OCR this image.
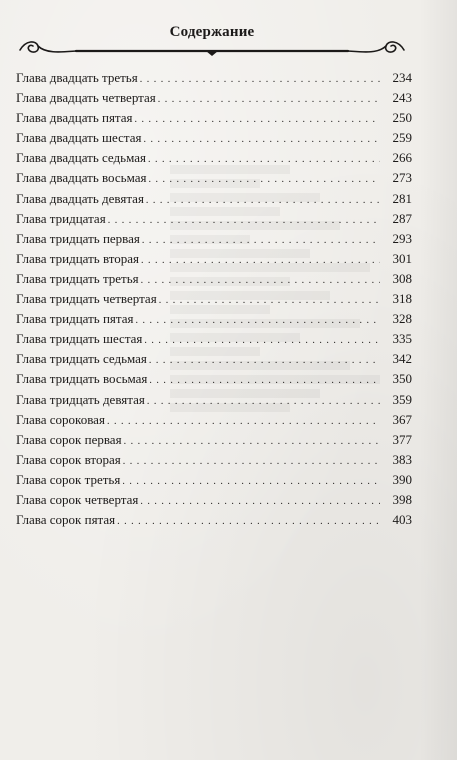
Содержание
Глава двадцать третья . . .	234
Глава двадцать четвертая . . .	243
Глава двадцать пятая . . .	250
Глава двадцать шестая . . .	259
Глава двадцать седьмая . . .	266
Глава двадцать восьмая . . .	273
Глава двадцать девятая . . .	281
Глава тридцатая . . .	287
Глава тридцать первая . . .	293
Глава тридцать вторая . . .	301
Глава тридцать третья . . .	308
Глава тридцать четвертая . . .	318
Глава тридцать пятая . . .	328
Глава тридцать шестая . . .	335
Глава тридцать седьмая . . .	342
Глава тридцать восьмая . . .	350
Глава тридцать девятая . . .	359
Глава сороковая . . .	367
Глава сорок первая . . .	377
Глава сорок вторая . . .	383
Глава сорок третья . . .	390
Глава сорок четвертая . . .	398
Глава сорок пятая . . .	403
